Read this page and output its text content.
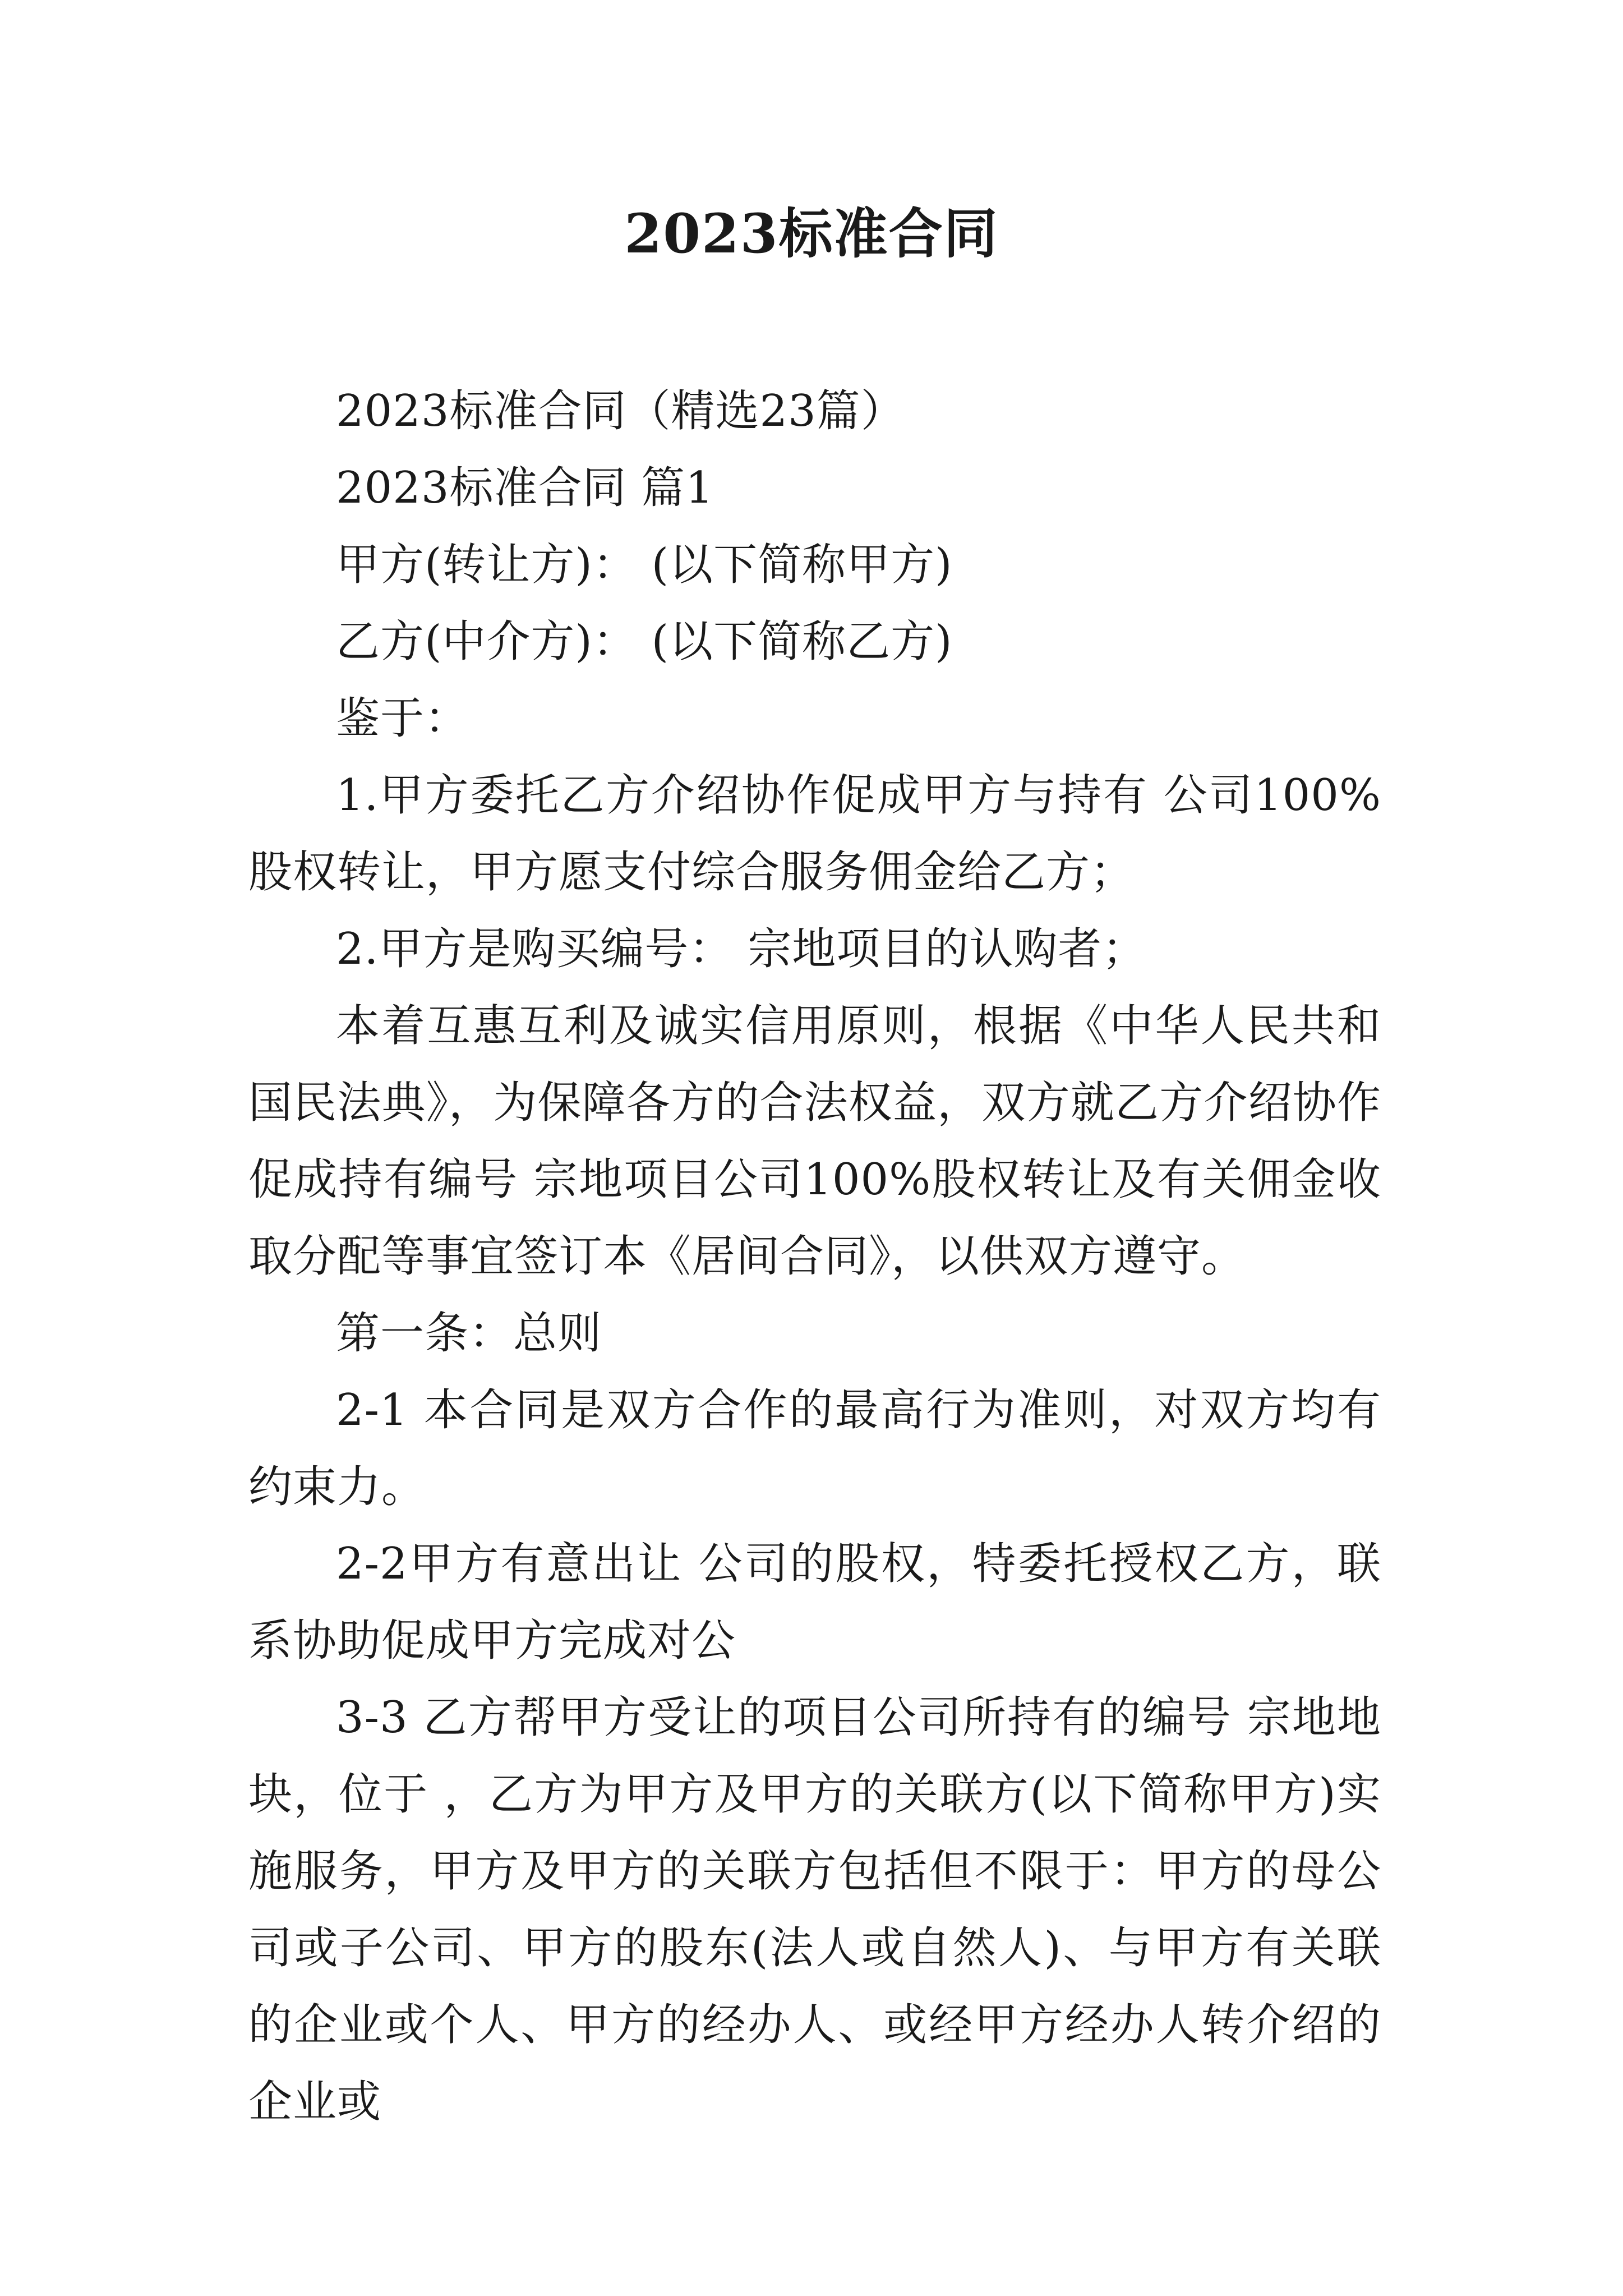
2023标准合同

2023标准合同（精选23篇）

2023标准合同 篇1

甲方(转让方)： (以下简称甲方)

乙方(中介方)： (以下简称乙方)

鉴于：

1.甲方委托乙方介绍协作促成甲方与持有 公司100%股权转让，甲方愿支付综合服务佣金给乙方；

2.甲方是购买编号： 宗地项目的认购者；

本着互惠互利及诚实信用原则，根据《中华人民共和国民法典》，为保障各方的合法权益，双方就乙方介绍协作促成持有编号 宗地项目公司100%股权转让及有关佣金收取分配等事宜签订本《居间合同》，以供双方遵守。

第一条：总则

2-1 本合同是双方合作的最高行为准则，对双方均有约束力。

2-2甲方有意出让 公司的股权，特委托授权乙方，联系协助促成甲方完成对公

3-3 乙方帮甲方受让的项目公司所持有的编号 宗地地块，位于 ，乙方为甲方及甲方的关联方(以下简称甲方)实施服务，甲方及甲方的关联方包括但不限于：甲方的母公司或子公司、甲方的股东(法人或自然人)、与甲方有关联的企业或个人、甲方的经办人、或经甲方经办人转介绍的企业或
